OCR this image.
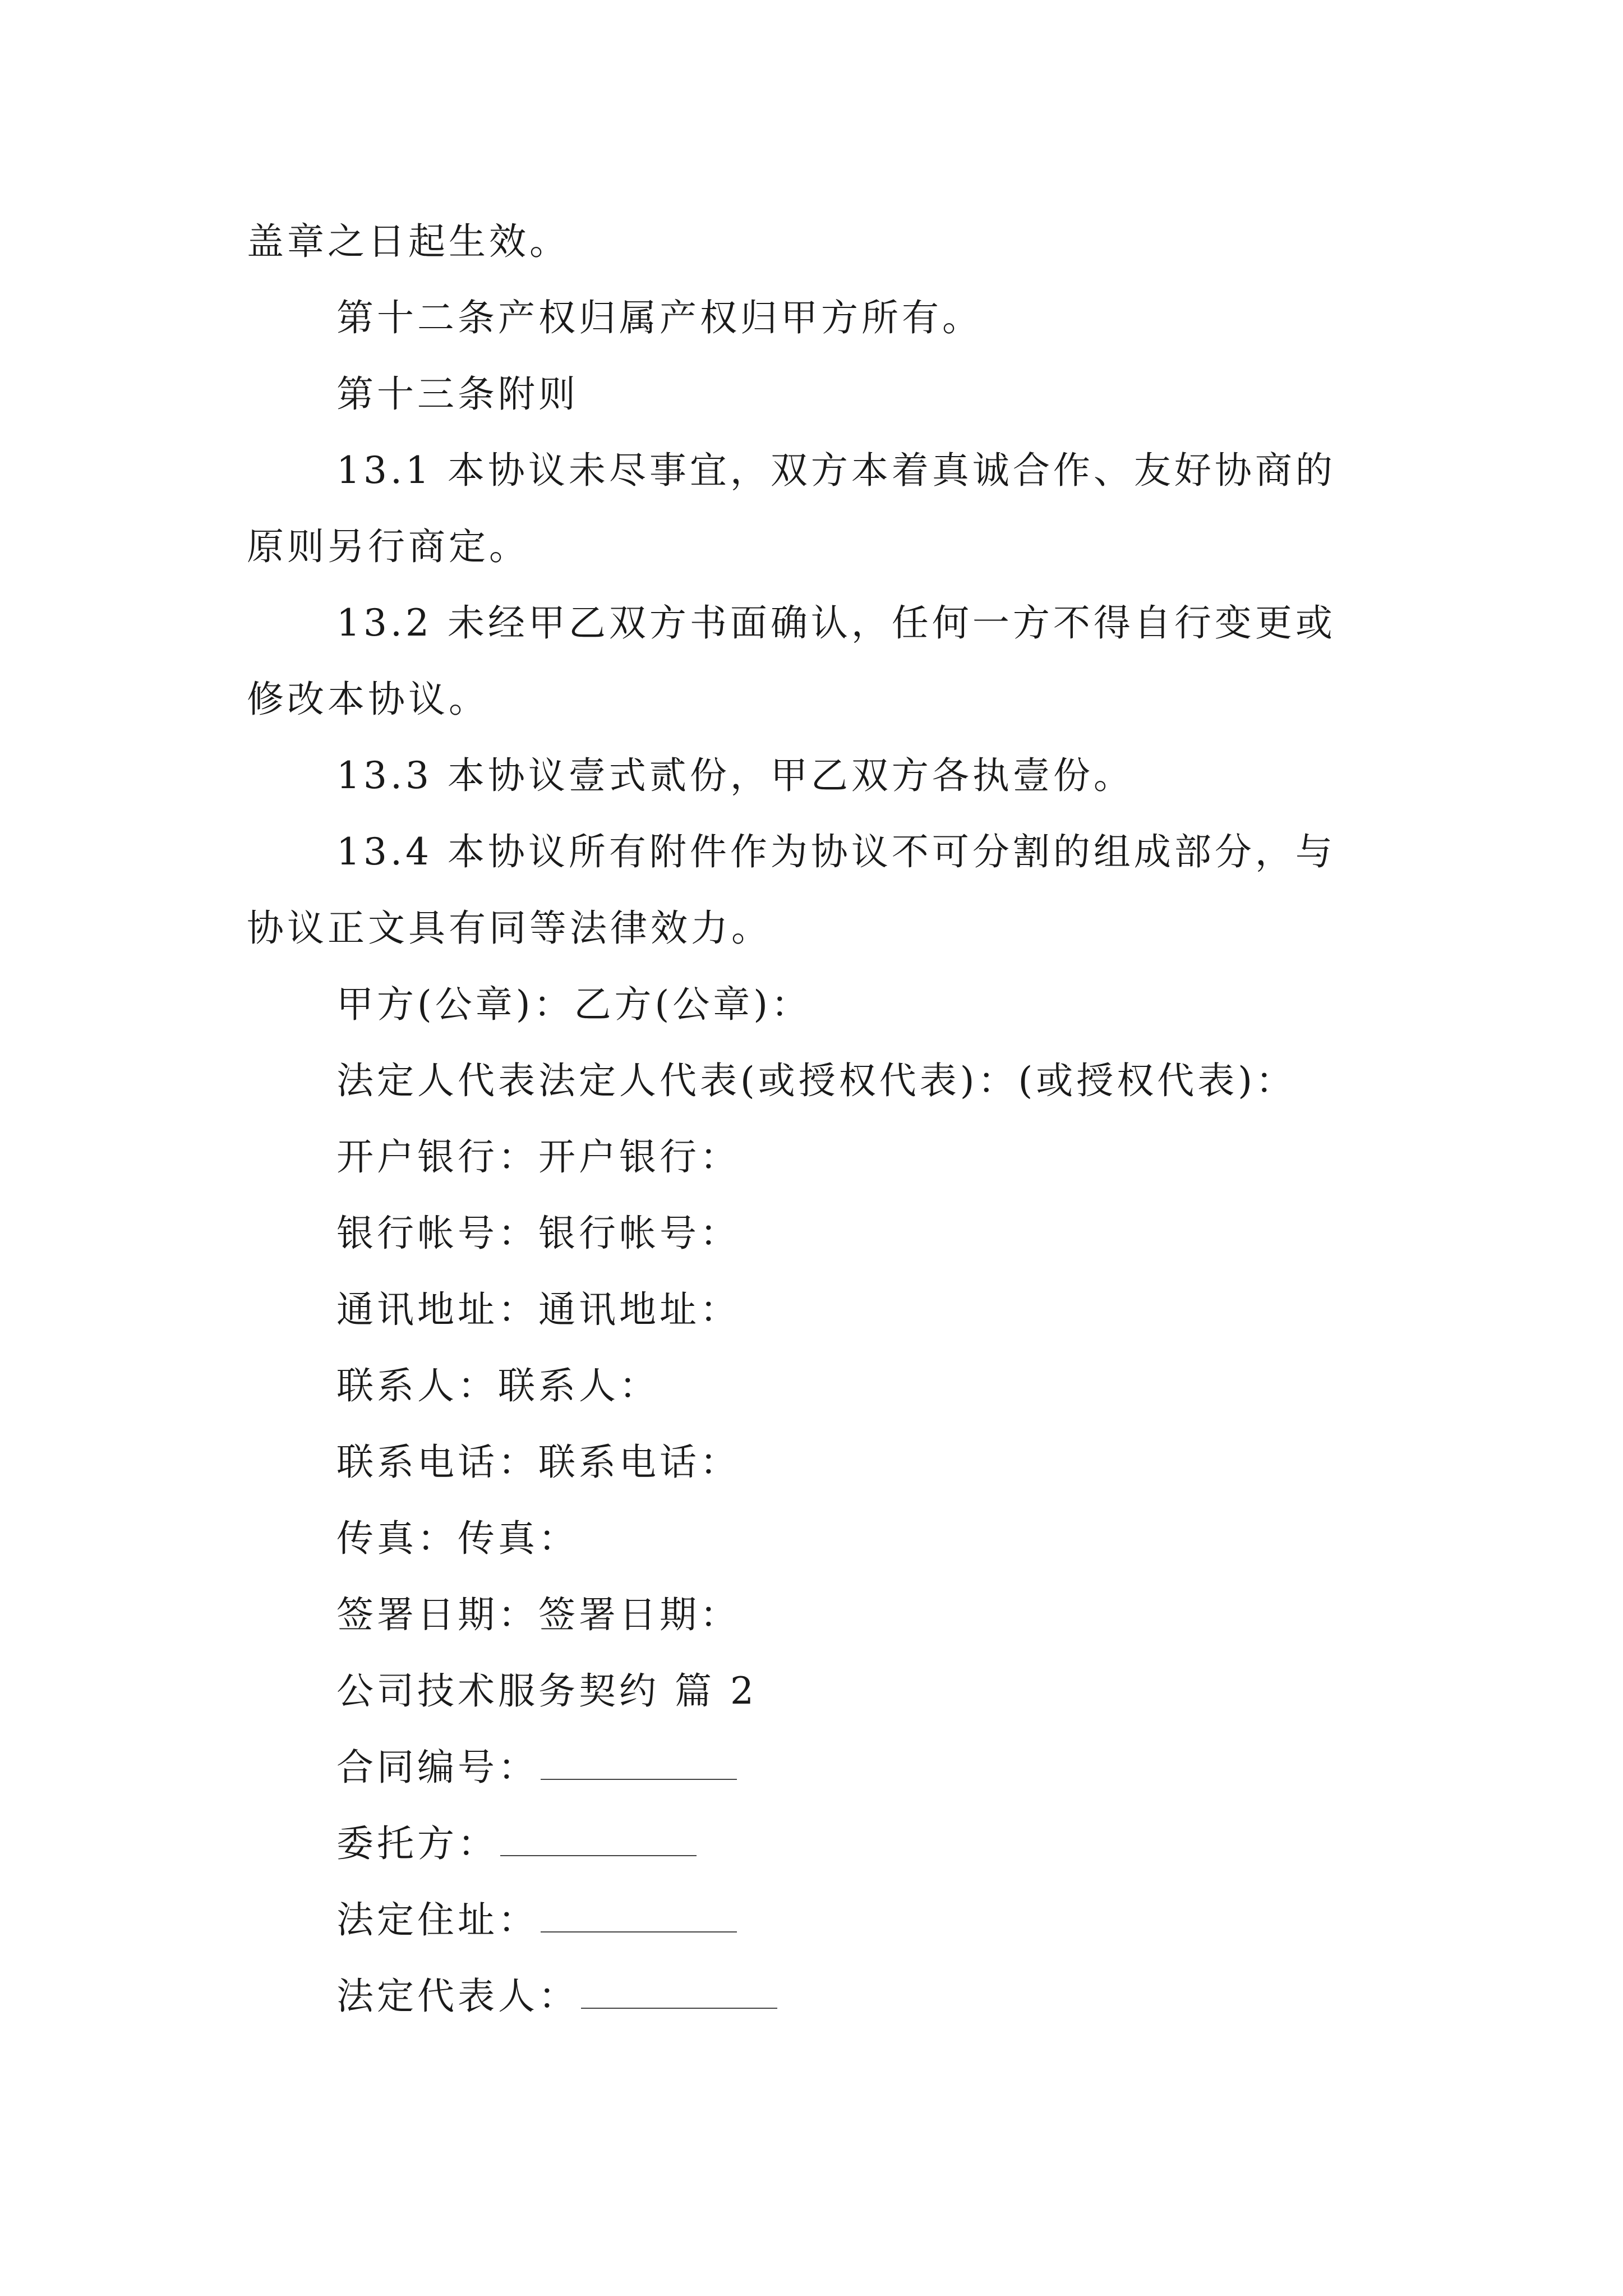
盖章之日起生效。
第十二条产权归属产权归甲方所有。
第十三条附则
13.1 本协议未尽事宜，双方本着真诚合作、友好协商的
原则另行商定。
13.2 未经甲乙双方书面确认，任何一方不得自行变更或
修改本协议。
13.3 本协议壹式贰份，甲乙双方各执壹份。
13.4 本协议所有附件作为协议不可分割的组成部分，与
协议正文具有同等法律效力。
甲方(公章)：乙方(公章)：
法定人代表法定人代表(或授权代表)：(或授权代表)：
开户银行：开户银行：
银行帐号：银行帐号：
通讯地址：通讯地址：
联系人：联系人：
联系电话：联系电话：
传真：传真：
签署日期：签署日期：
公司技术服务契约 篇 2
合同编号：
委托方：
法定住址：
法定代表人：
